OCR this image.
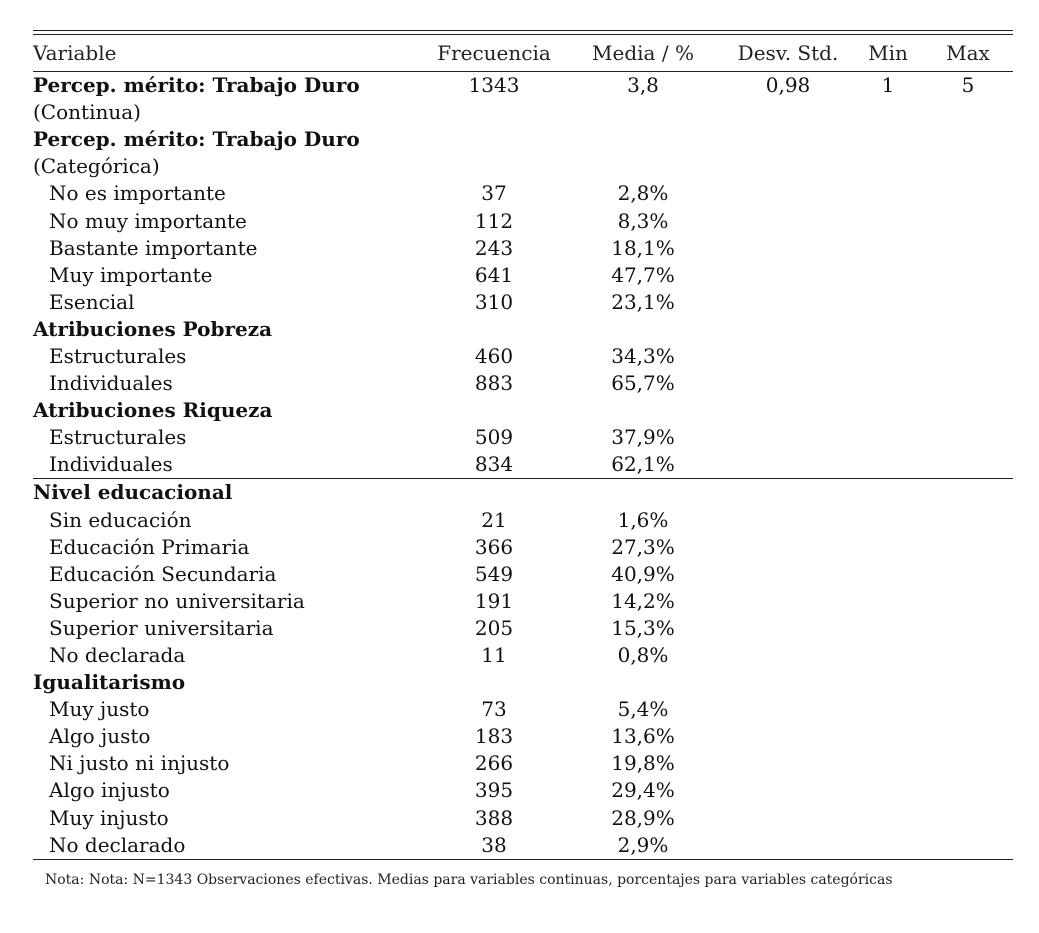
Variable	Frecuencia	Media / %	Desv. Std.	Min	Max
Percep. mérito: Trabajo Duro	1343	3,8	0,98	1	5
(Continua)					
Percep. mérito: Trabajo Duro					
(Categórica)					
No es importante	37	2,8%			
No muy importante	112	8,3%			
Bastante importante	243	18,1%			
Muy importante	641	47,7%			
Esencial	310	23,1%			
Atribuciones Pobreza					
Estructurales	460	34,3%			
Individuales	883	65,7%			
Atribuciones Riqueza					
Estructurales	509	37,9%			
Individuales	834	62,1%			
Nivel educacional					
Sin educación	21	1,6%			
Educación Primaria	366	27,3%			
Educación Secundaria	549	40,9%			
Superior no universitaria	191	14,2%			
Superior universitaria	205	15,3%			
No declarada	11	0,8%			
Igualitarismo					
Muy justo	73	5,4%			
Algo justo	183	13,6%			
Ni justo ni injusto	266	19,8%			
Algo injusto	395	29,4%			
Muy injusto	388	28,9%			
No declarado	38	2,9%			
Nota: Nota: N=1343 Observaciones efectivas. Medias para variables continuas, porcentajes para variables categóricas
